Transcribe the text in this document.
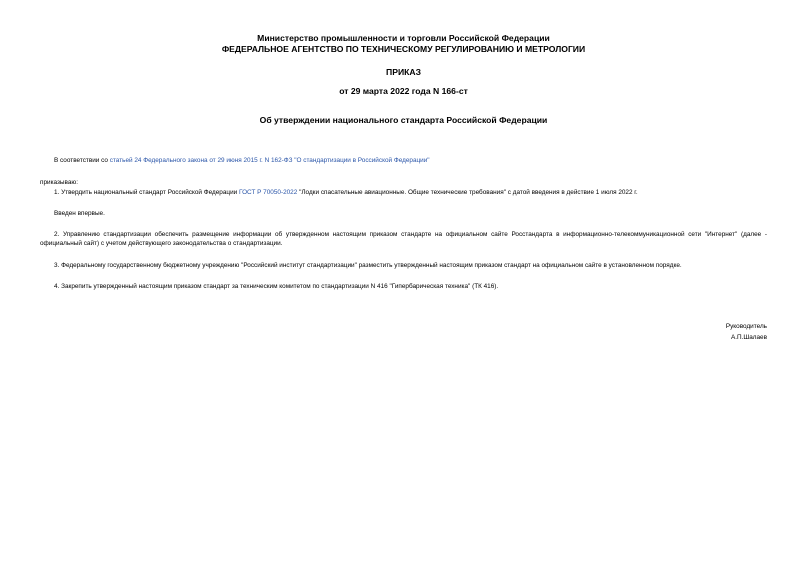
Министерство промышленности и торговли Российской Федерации
ФЕДЕРАЛЬНОЕ АГЕНТСТВО ПО ТЕХНИЧЕСКОМУ РЕГУЛИРОВАНИЮ И МЕТРОЛОГИИ
ПРИКАЗ
от 29 марта 2022 года N 166-ст
Об утверждении национального стандарта Российской Федерации
В соответствии со статьей 24 Федерального закона от 29 июня 2015 г. N 162-ФЗ "О стандартизации в Российской Федерации"
приказываю:
1. Утвердить национальный стандарт Российской Федерации ГОСТ Р 70050-2022 "Лодки спасательные авиационные. Общие технические требования" с датой введения в действие 1 июля 2022 г.
Введен впервые.
2. Управлению стандартизации обеспечить размещение информации об утвержденном настоящим приказом стандарте на официальном сайте Росстандарта в информационно-телекоммуникационной сети "Интернет" (далее - официальный сайт) с учетом действующего законодательства о стандартизации.
3. Федеральному государственному бюджетному учреждению "Российский институт стандартизации" разместить утвержденный настоящим приказом стандарт на официальном сайте в установленном порядке.
4. Закрепить утвержденный настоящим приказом стандарт за техническим комитетом по стандартизации N 416 "Гипербарическая техника" (ТК 416).
Руководитель
А.П.Шалаев
